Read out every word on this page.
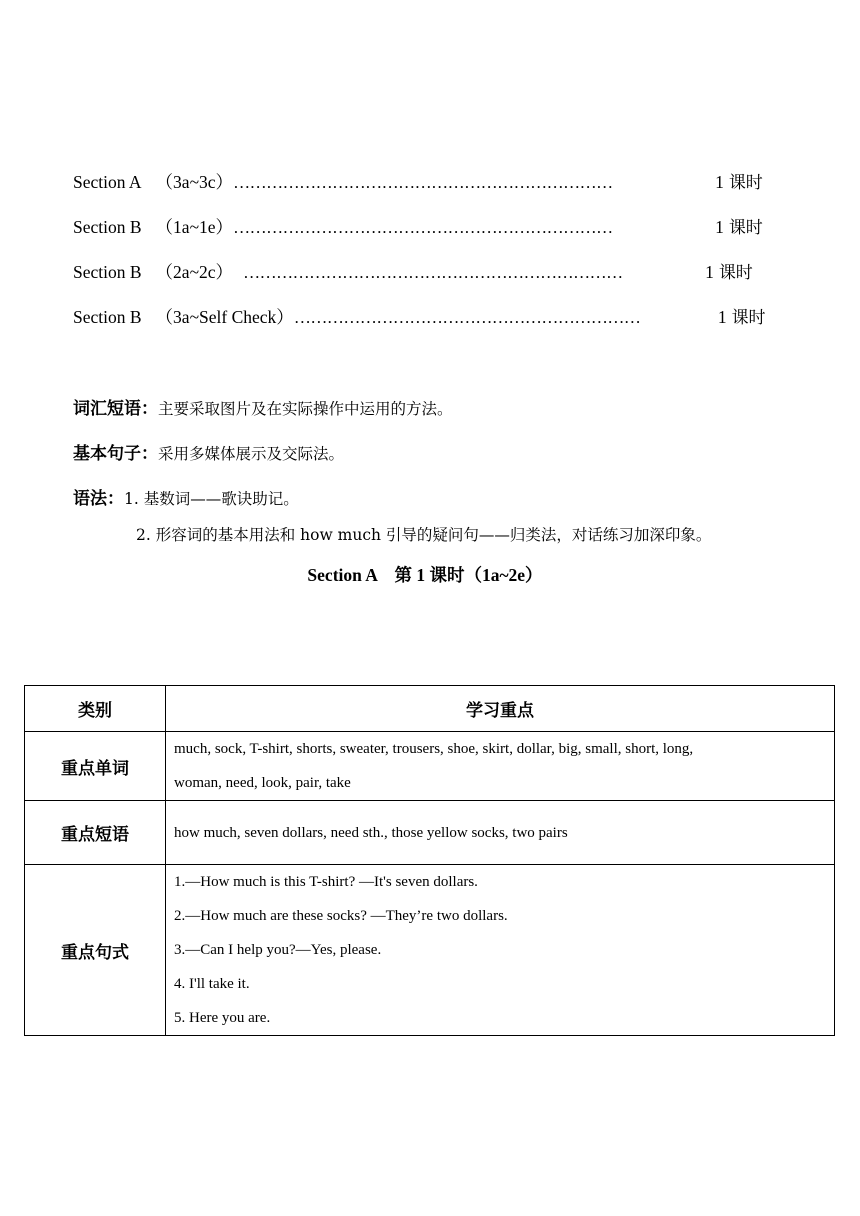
Section A （3a~3c） ……………………………………………………………	1 课时
Section B （1a~1e） ……………………………………………………………	1 课时
Section B （2a~2c） ……………………………………………………………	1 课时
Section B （3a~Self Check） ………………………………………………………	1 课时
词汇短语：主要采取图片及在实际操作中运用的方法。
基本句子：采用多媒体展示及交际法。
语法：1. 基数词——歌诀助记。
2. 形容词的基本用法和 how much 引导的疑问句——归类法，对话练习加深印象。
Section A　第 1 课时（1a~2e）
类别	学习重点
重点单词	much, sock, T-shirt, shorts, sweater, trousers, shoe, skirt, dollar, big, small, short, long,
woman, need, look, pair, take

重点短语	how much, seven dollars, need sth., those yellow socks, two pairs

重点句式	1.—How much is this T-shirt? —It's seven dollars.
2.—How much are these socks? —They’re two dollars.
3.—Can I help you?—Yes, please.
4. I'll take it.
5. Here you are.
